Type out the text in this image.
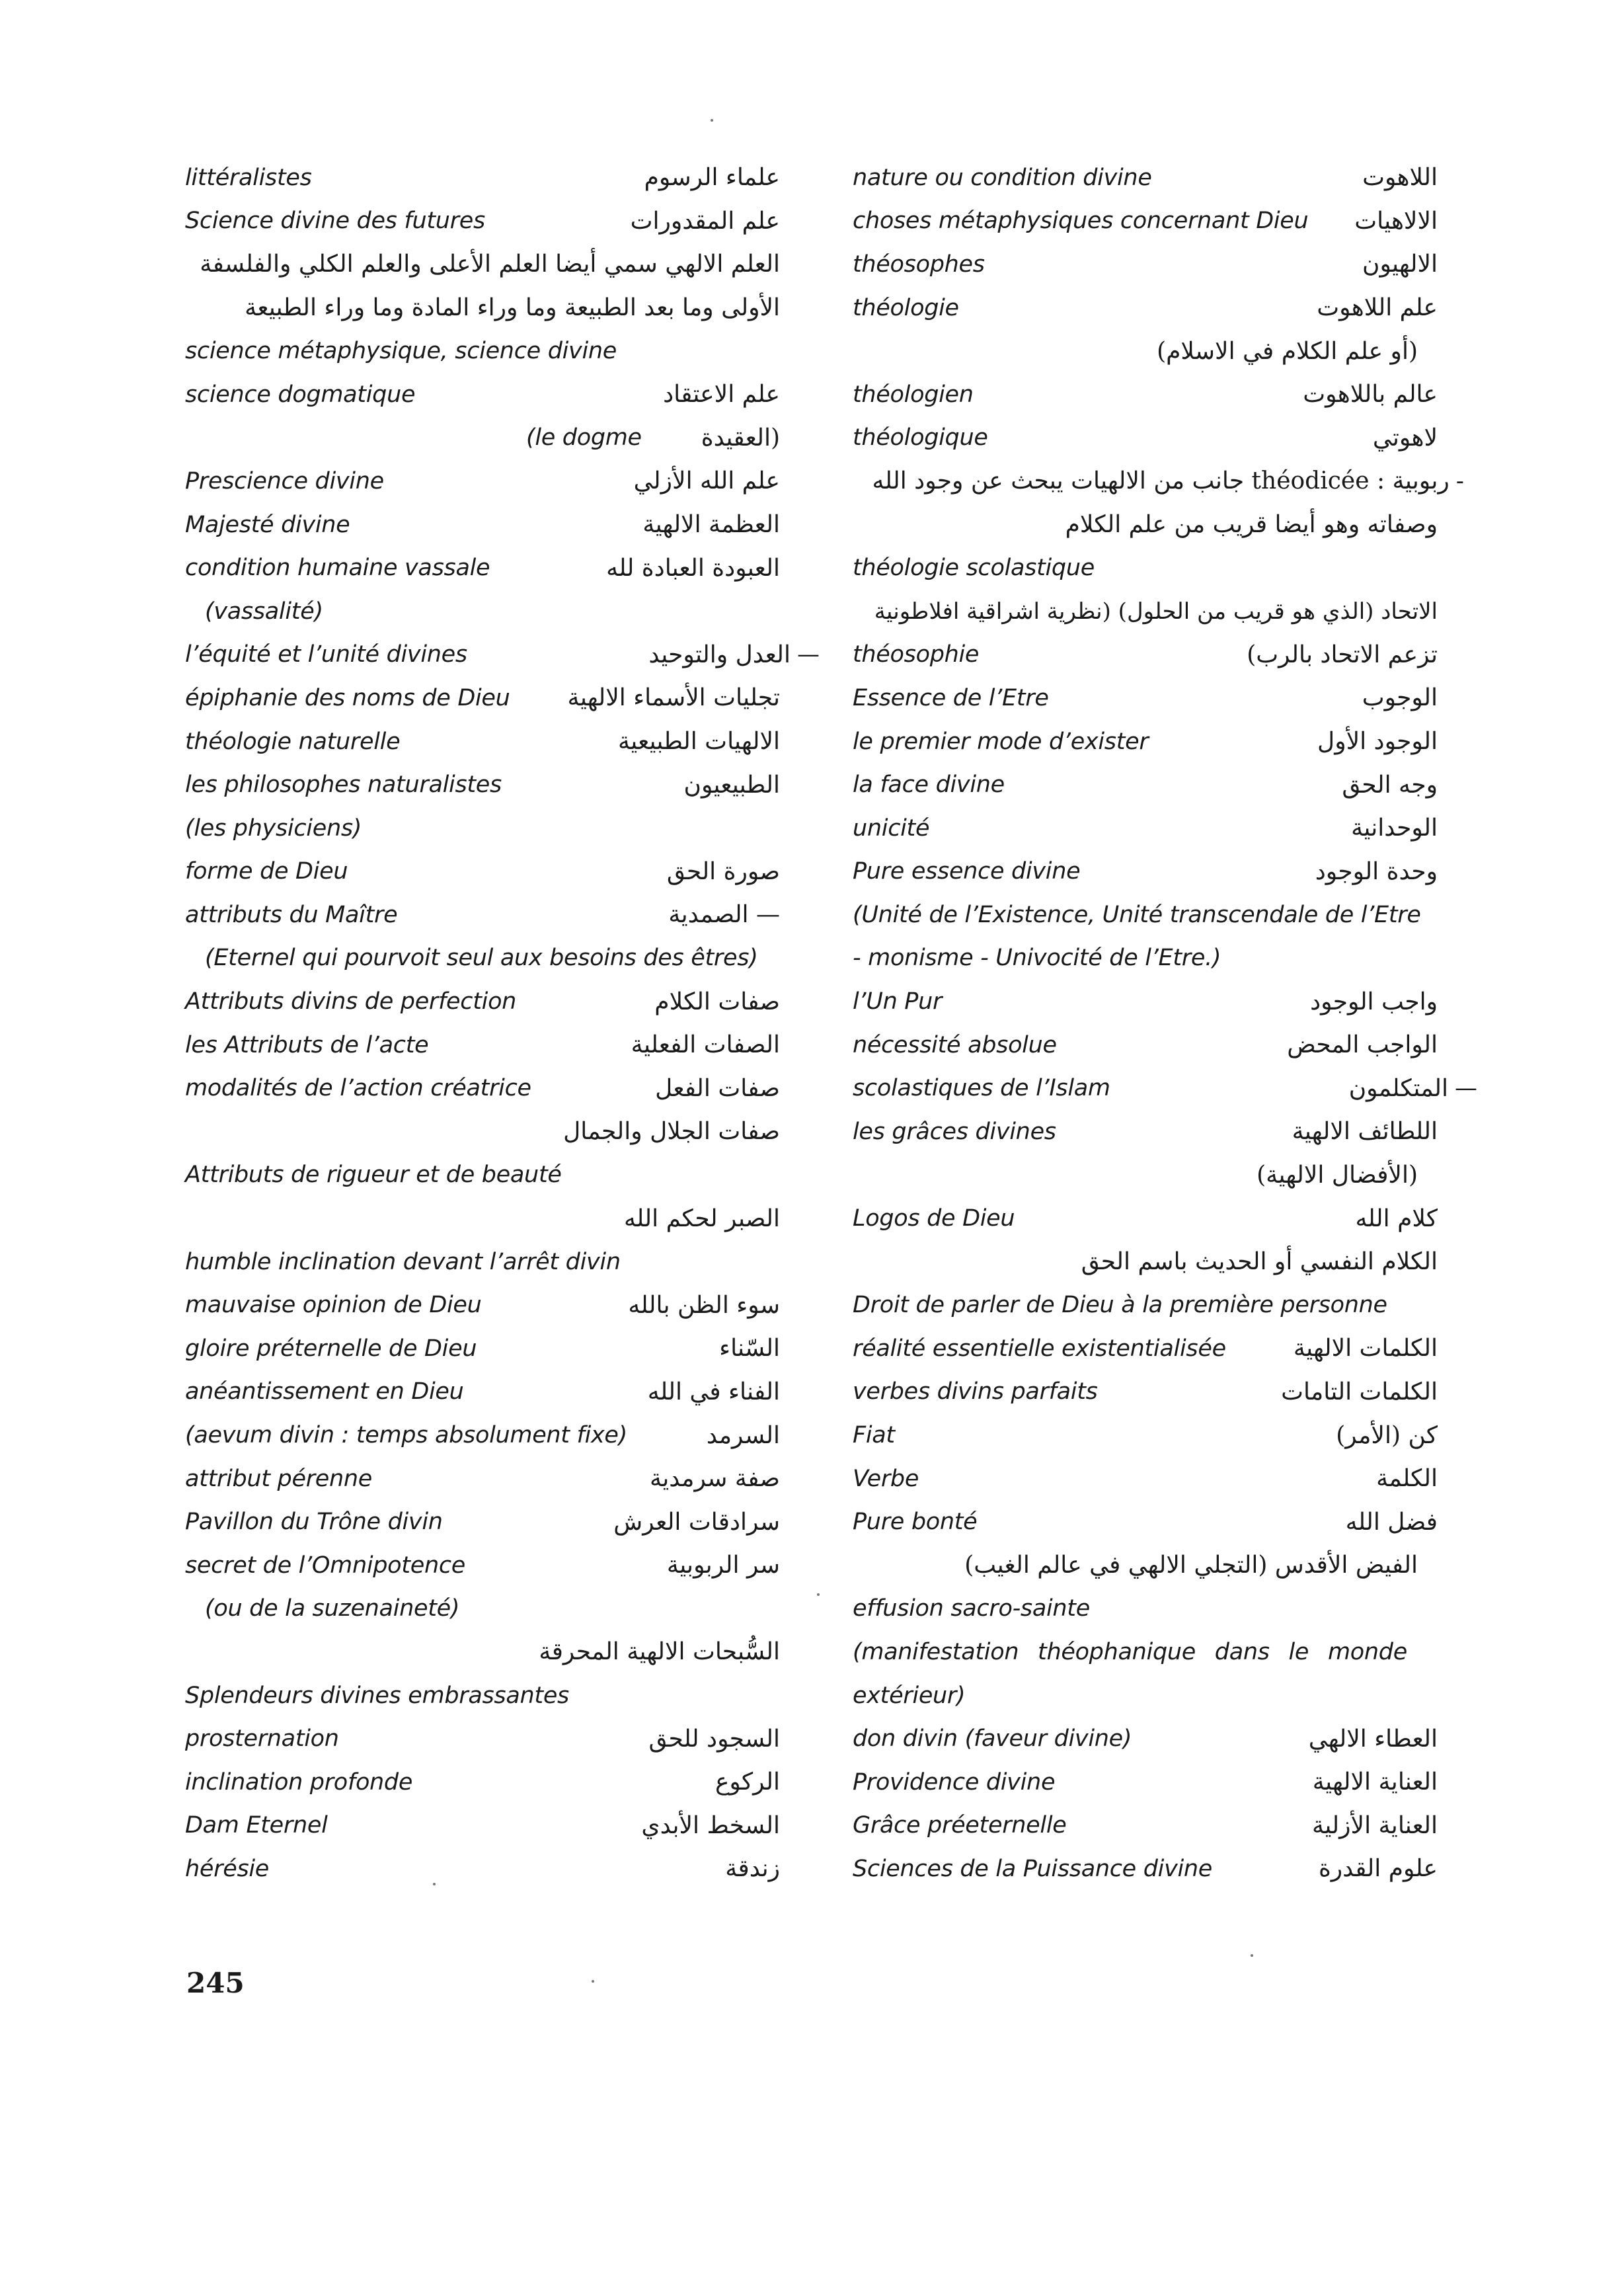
littéralistes	علماء الرسوم
Science divine des futures	علم المقدورات
العلم الالهي سمي أيضا العلم الأعلى والعلم الكلي والفلسفة
الأولى وما بعد الطبيعة وما وراء المادة وما وراء الطبيعة
science métaphysique, science divine
science dogmatique	علم الاعتقاد
(le dogme	(العقيدة
Prescience divine	علم الله الأزلي
Majesté divine	العظمة الالهية
condition humaine vassale	العبودة العبادة لله
(vassalité)
l’équité et l’unité divines	العدل والتوحيد —
épiphanie des noms de Dieu تجليات الأسماء الالهية
théologie naturelle	الالهيات الطبيعية
les philosophes naturalistes	الطبيعيون
(les physiciens)
forme de Dieu	صورة الحق
attributs du Maître	— الصمدية
(Eternel qui pourvoit seul aux besoins des êtres)
Attributs divins de perfection	صفات الكلام
les Attributs de l’acte	الصفات الفعلية
modalités de l’action créatrice	صفات الفعل
صفات الجلال والجمال
Attributs de rigueur et de beauté
الصبر لحكم الله
humble inclination devant l’arrêt divin
mauvaise opinion de Dieu	سوء الظن بالله
gloire préternelle de Dieu	السّناء
anéantissement en Dieu	الفناء في الله
(aevum divin : temps absolument fixe)	السرمد
attribut pérenne	صفة سرمدية
Pavillon du Trône divin	سرادقات العرش
secret de l’Omnipotence	سر الربوبية
(ou de la suzenaineté)
السُّبحات الالهية المحرقة
Splendeurs divines embrassantes
prosternation	السجود للحق
inclination profonde	الركوع
Dam Eternel	السخط الأبدي
hérésie	زندقة
nature ou condition divine	اللاهوت
choses métaphysiques concernant Dieu الالاهيات
théosophes	الالهيون
théologie	علم اللاهوت
(أو علم الكلام في الاسلام)
théologien	عالم باللاهوت
théologique	لاهوتي
ربوبية : théodicée جانب من الالهيات يبحث عن وجود الله -
وصفاته وهو أيضا قريب من علم الكلام
théologie scolastique
الاتحاد (الذي هو قريب من الحلول) (نظرية اشراقية افلاطونية
théosophie	تزعم الاتحاد بالرب)
Essence de l’Etre	الوجوب
le premier mode d’exister	الوجود الأول
la face divine	وجه الحق
unicité	الوحدانية
Pure essence divine	وحدة الوجود
(Unité de l’Existence, Unité transcendale de l’Etre
- monisme - Univocité de l’Etre.)
l’Un Pur	واجب الوجود
nécessité absolue	الواجب المحض
scolastiques de l’Islam	المتكلمون —
les grâces divines	اللطائف الالهية
(الأفضال الالهية)
Logos de Dieu	كلام الله
الكلام النفسي أو الحديث باسم الحق
Droit de parler de Dieu à la première personne
réalité essentielle existentialisée	الكلمات الالهية
verbes divins parfaits	الكلمات التامات
Fiat	كن (الأمر)
Verbe	الكلمة
Pure bonté	فضل الله
الفيض الأقدس (التجلي الالهي في عالم الغيب)
effusion sacro-sainte
(manifestation théophanique dans le monde
extérieur)
don divin (faveur divine)	العطاء الالهي
Providence divine	العناية الالهية
Grâce préeternelle	العناية الأزلية
Sciences de la Puissance divine	علوم القدرة
245
